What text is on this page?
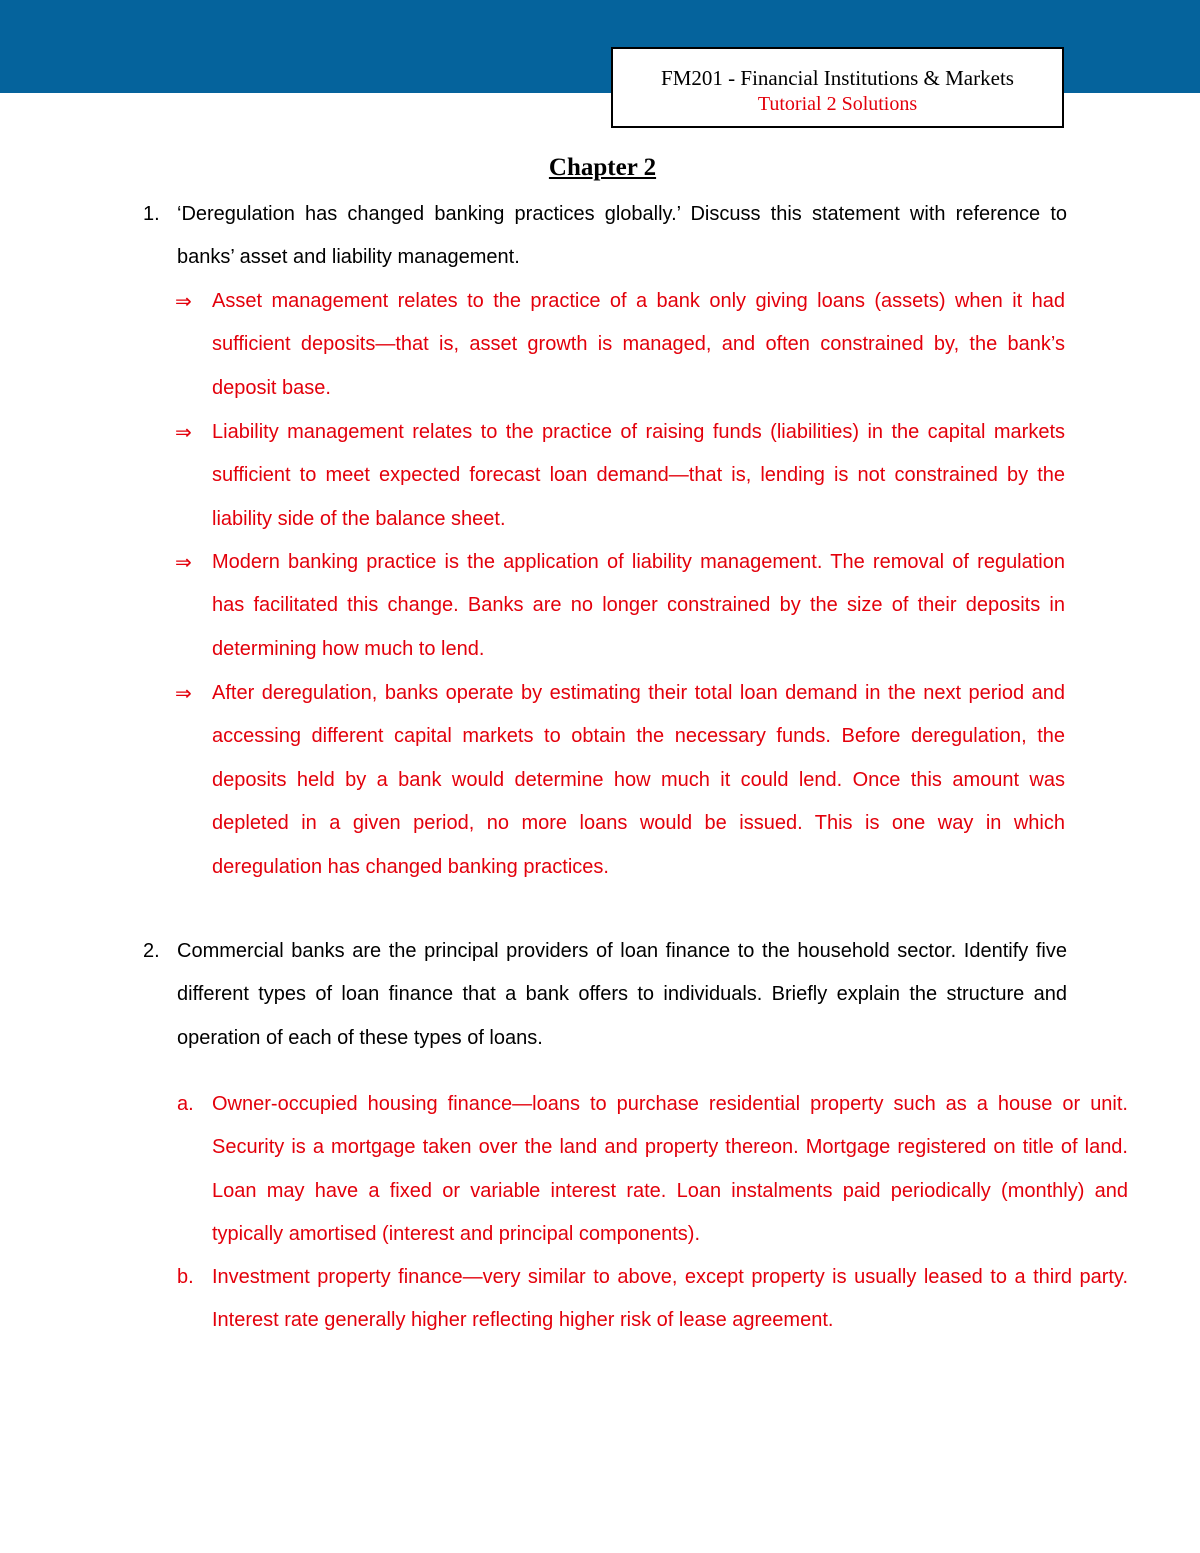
FM201 - Financial Institutions & Markets
Tutorial 2 Solutions
Chapter 2
1. ‘Deregulation has changed banking practices globally.’ Discuss this statement with reference to banks’ asset and liability management.
⇒ Asset management relates to the practice of a bank only giving loans (assets) when it had sufficient deposits—that is, asset growth is managed, and often constrained by, the bank’s deposit base.
⇒ Liability management relates to the practice of raising funds (liabilities) in the capital markets sufficient to meet expected forecast loan demand—that is, lending is not constrained by the liability side of the balance sheet.
⇒ Modern banking practice is the application of liability management. The removal of regulation has facilitated this change. Banks are no longer constrained by the size of their deposits in determining how much to lend.
⇒ After deregulation, banks operate by estimating their total loan demand in the next period and accessing different capital markets to obtain the necessary funds. Before deregulation, the deposits held by a bank would determine how much it could lend. Once this amount was depleted in a given period, no more loans would be issued. This is one way in which deregulation has changed banking practices.
2. Commercial banks are the principal providers of loan finance to the household sector. Identify five different types of loan finance that a bank offers to individuals. Briefly explain the structure and operation of each of these types of loans.
a. Owner-occupied housing finance—loans to purchase residential property such as a house or unit. Security is a mortgage taken over the land and property thereon. Mortgage registered on title of land. Loan may have a fixed or variable interest rate. Loan instalments paid periodically (monthly) and typically amortised (interest and principal components).
b. Investment property finance—very similar to above, except property is usually leased to a third party. Interest rate generally higher reflecting higher risk of lease agreement.
